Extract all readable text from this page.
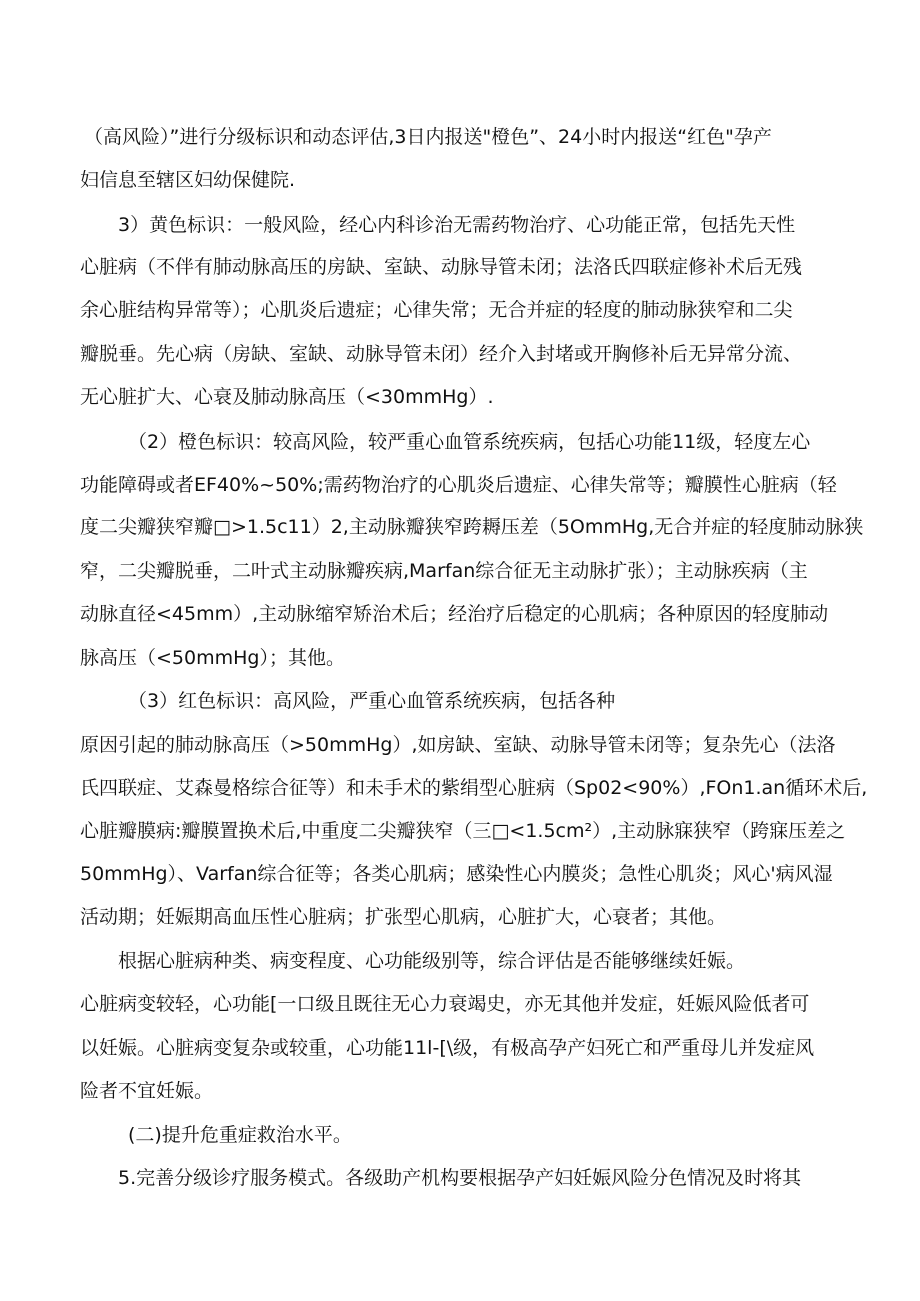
（高风险）”进行分级标识和动态评估,3日内报送"橙色”、24小时内报送“红色"孕产
妇信息至辖区妇幼保健院.
3）黄色标识：一般风险，经心内科诊治无需药物治疗、心功能正常，包括先天性
心脏病（不伴有肺动脉高压的房缺、室缺、动脉导管未闭；法洛氏四联症修补术后无残
余心脏结构异常等）；心肌炎后遗症；心律失常；无合并症的轻度的肺动脉狭窄和二尖
瓣脱垂。先心病（房缺、室缺、动脉导管未闭）经介入封堵或开胸修补后无异常分流、
无心脏扩大、心衰及肺动脉高压（<30mmHg）.
（2）橙色标识：较高风险，较严重心血管系统疾病，包括心功能11级，轻度左心
功能障碍或者EF40%~50%;需药物治疗的心肌炎后遗症、心律失常等；瓣膜性心脏病（轻
度二尖瓣狭窄瓣□>1.5c11）2,主动脉瓣狭窄跨耨压差（5OmmHg,无合并症的轻度肺动脉狭
窄，二尖瓣脱垂，二叶式主动脉瓣疾病,Marfan综合征无主动脉扩张）；主动脉疾病（主
动脉直径<45mm）,主动脉缩窄矫治术后；经治疗后稳定的心肌病；各种原因的轻度肺动
脉高压（<50mmHg）；其他。
（3）红色标识：高风险，严重心血管系统疾病，包括各种
原因引起的肺动脉高压（>50mmHg）,如房缺、室缺、动脉导管未闭等；复杂先心（法洛
氏四联症、艾森曼格综合征等）和未手术的紫绢型心脏病（Sp02<90%）,FOn1.an循环术后,
心脏瓣膜病:瓣膜置换术后,中重度二尖瓣狭窄（三□<1.5cm²）,主动脉寐狭窄（跨寐压差之
50mmHg）、Varfan综合征等；各类心肌病；感染性心内膜炎；急性心肌炎；风心'病风湿
活动期；妊娠期高血压性心脏病；扩张型心肌病，心脏扩大，心衰者；其他。
根据心脏病种类、病变程度、心功能级别等，综合评估是否能够继续妊娠。
心脏病变较轻，心功能[一口级且既往无心力衰竭史，亦无其他并发症，妊娠风险低者可
以妊娠。心脏病变复杂或较重，心功能11l-[\级，有极高孕产妇死亡和严重母儿并发症风
险者不宜妊娠。
(二)提升危重症救治水平。
5.完善分级诊疗服务模式。各级助产机构要根据孕产妇妊娠风险分色情况及时将其
